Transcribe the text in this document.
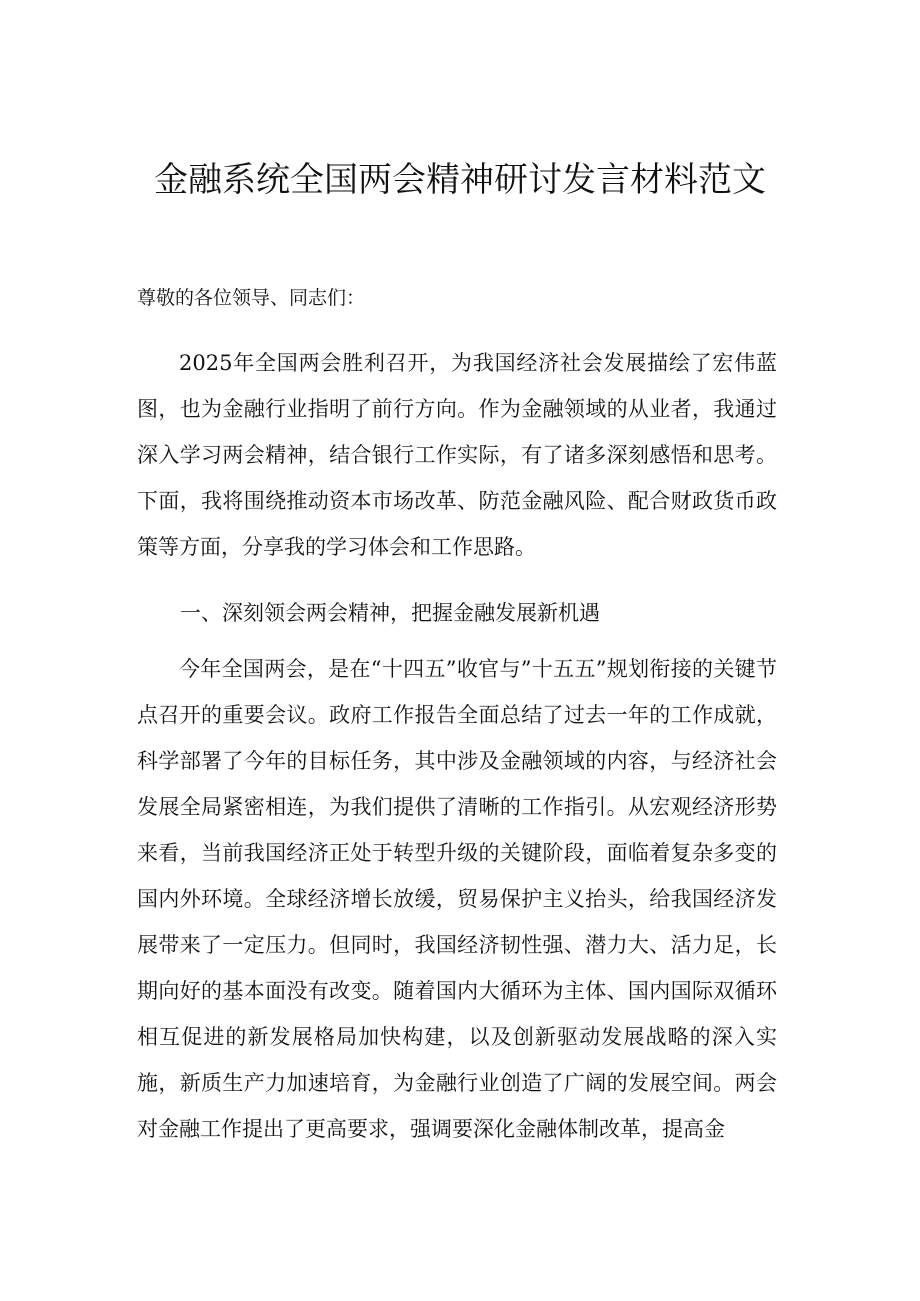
金融系统全国两会精神研讨发言材料范文

尊敬的各位领导、同志们：

2025年全国两会胜利召开，为我国经济社会发展描绘了宏伟蓝图，也为金融行业指明了前行方向。作为金融领域的从业者，我通过深入学习两会精神，结合银行工作实际，有了诸多深刻感悟和思考。下面，我将围绕推动资本市场改革、防范金融风险、配合财政货币政策等方面，分享我的学习体会和工作思路。

一、深刻领会两会精神，把握金融发展新机遇

今年全国两会，是在“十四五”收官与”十五五”规划衔接的关键节点召开的重要会议。政府工作报告全面总结了过去一年的工作成就，科学部署了今年的目标任务，其中涉及金融领域的内容，与经济社会发展全局紧密相连，为我们提供了清晰的工作指引。从宏观经济形势来看，当前我国经济正处于转型升级的关键阶段，面临着复杂多变的国内外环境。全球经济增长放缓，贸易保护主义抬头，给我国经济发展带来了一定压力。但同时，我国经济韧性强、潜力大、活力足，长期向好的基本面没有改变。随着国内大循环为主体、国内国际双循环相互促进的新发展格局加快构建，以及创新驱动发展战略的深入实施，新质生产力加速培育，为金融行业创造了广阔的发展空间。两会对金融工作提出了更高要求，强调要深化金融体制改革，提高金
